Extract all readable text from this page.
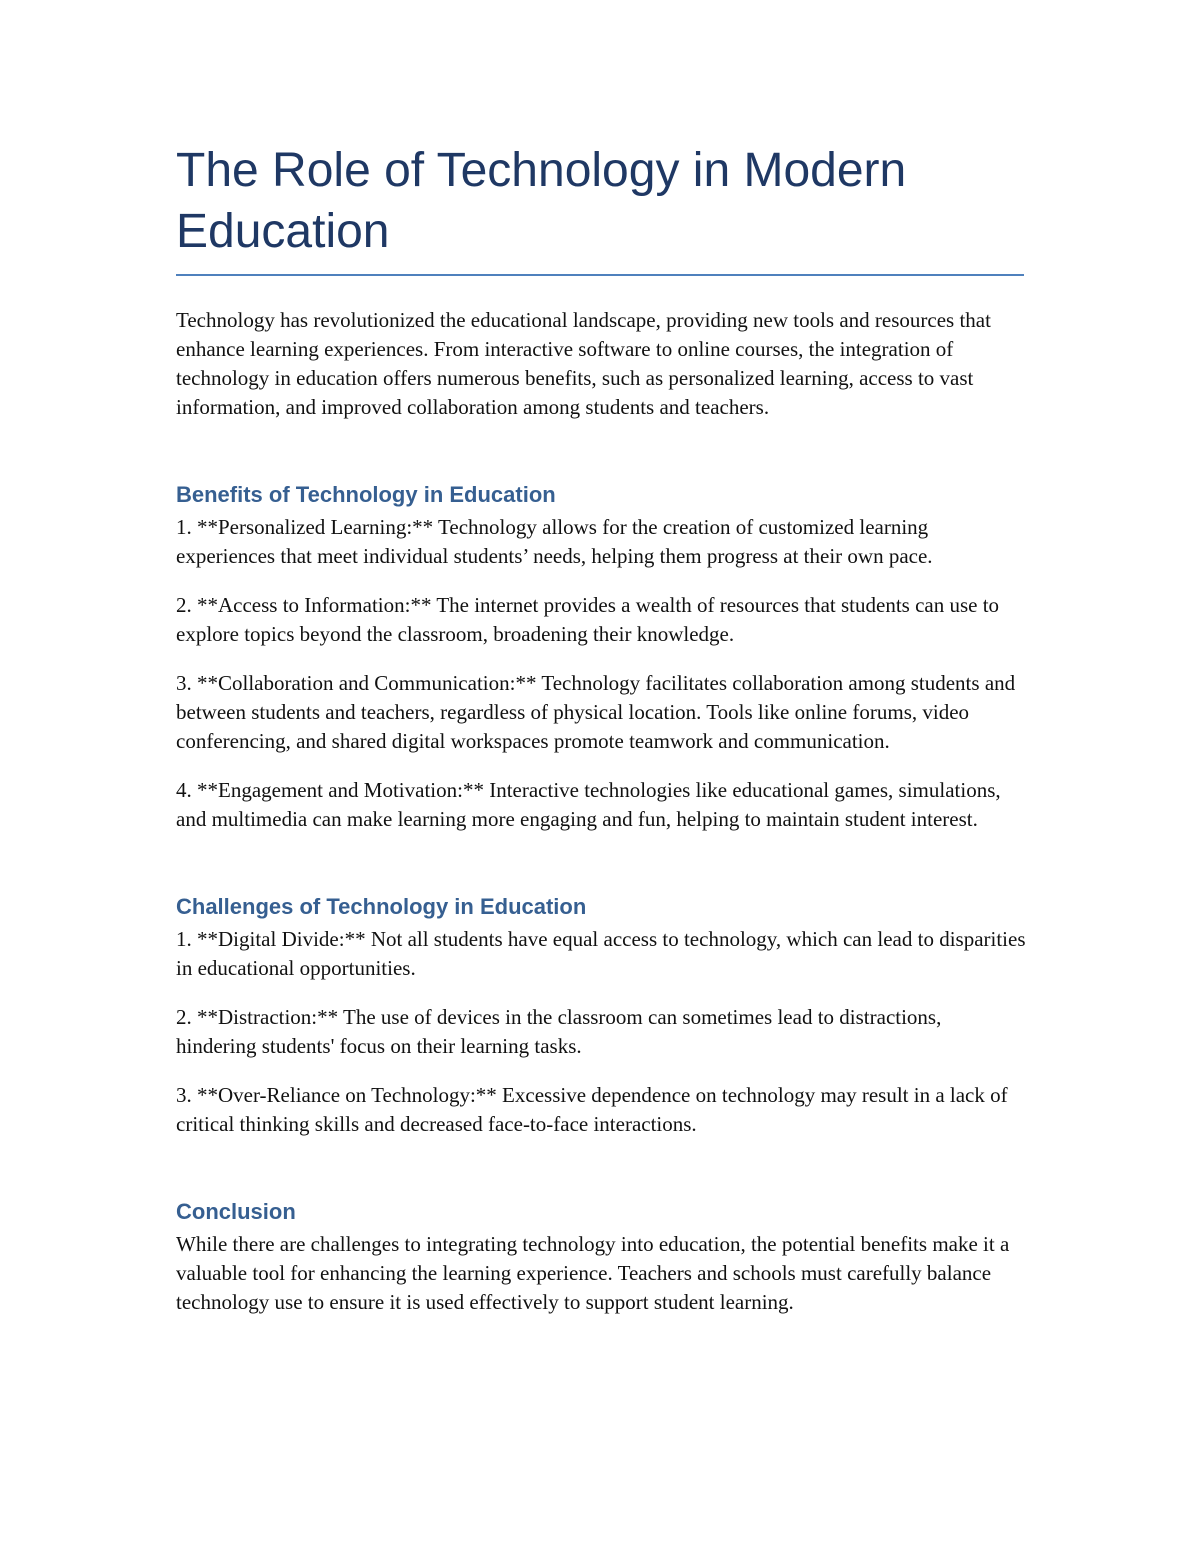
The Role of Technology in Modern Education

Technology has revolutionized the educational landscape, providing new tools and resources that enhance learning experiences. From interactive software to online courses, the integration of technology in education offers numerous benefits, such as personalized learning, access to vast information, and improved collaboration among students and teachers.

Benefits of Technology in Education

1. **Personalized Learning:** Technology allows for the creation of customized learning experiences that meet individual students’ needs, helping them progress at their own pace.

2. **Access to Information:** The internet provides a wealth of resources that students can use to explore topics beyond the classroom, broadening their knowledge.

3. **Collaboration and Communication:** Technology facilitates collaboration among students and between students and teachers, regardless of physical location. Tools like online forums, video conferencing, and shared digital workspaces promote teamwork and communication.

4. **Engagement and Motivation:** Interactive technologies like educational games, simulations, and multimedia can make learning more engaging and fun, helping to maintain student interest.

Challenges of Technology in Education

1. **Digital Divide:** Not all students have equal access to technology, which can lead to disparities in educational opportunities.

2. **Distraction:** The use of devices in the classroom can sometimes lead to distractions, hindering students' focus on their learning tasks.

3. **Over-Reliance on Technology:** Excessive dependence on technology may result in a lack of critical thinking skills and decreased face-to-face interactions.

Conclusion

While there are challenges to integrating technology into education, the potential benefits make it a valuable tool for enhancing the learning experience. Teachers and schools must carefully balance technology use to ensure it is used effectively to support student learning.
